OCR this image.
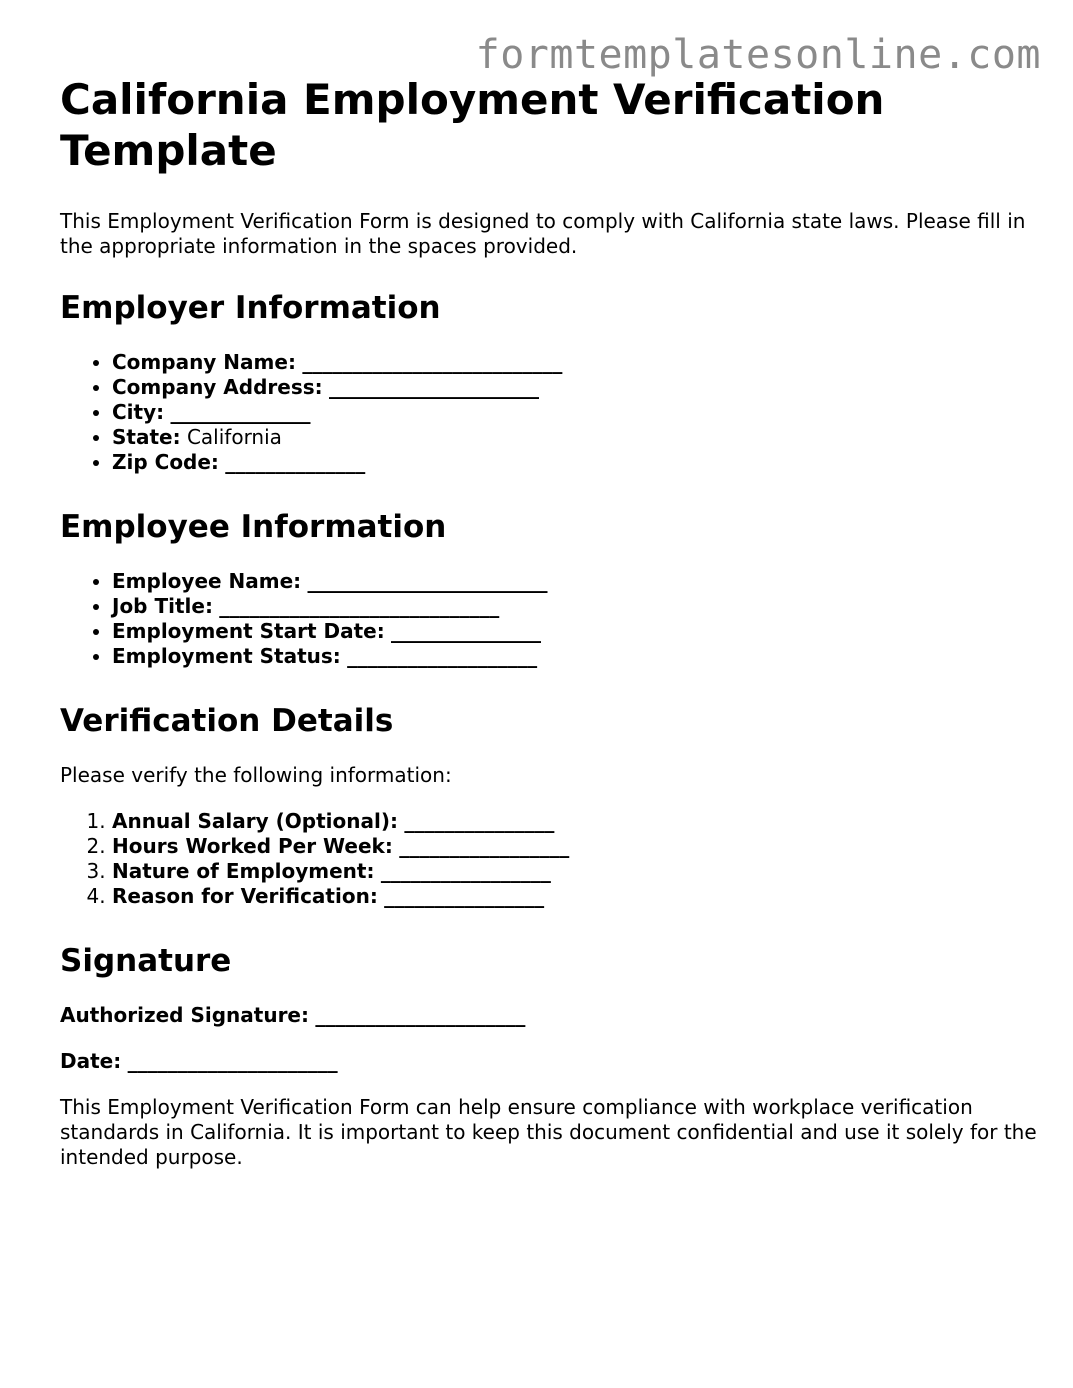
formtemplatesonline.com
California Employment Verification Template

This Employment Verification Form is designed to comply with California state laws. Please fill in the appropriate information in the spaces provided.

Employer Information
• Company Name: __________________________
• Company Address: _____________________
• City: ______________
• State: California
• Zip Code: ______________
Employee Information
• Employee Name: ________________________
• Job Title: ____________________________
• Employment Start Date: _______________
• Employment Status: ___________________
Verification Details

Please verify the following information:

1. Annual Salary (Optional): _______________
2. Hours Worked Per Week: _________________
3. Nature of Employment: _________________
4. Reason for Verification: ________________
Signature

Authorized Signature: _____________________

Date: _____________________

This Employment Verification Form can help ensure compliance with workplace verification standards in California. It is important to keep this document confidential and use it solely for the intended purpose.
